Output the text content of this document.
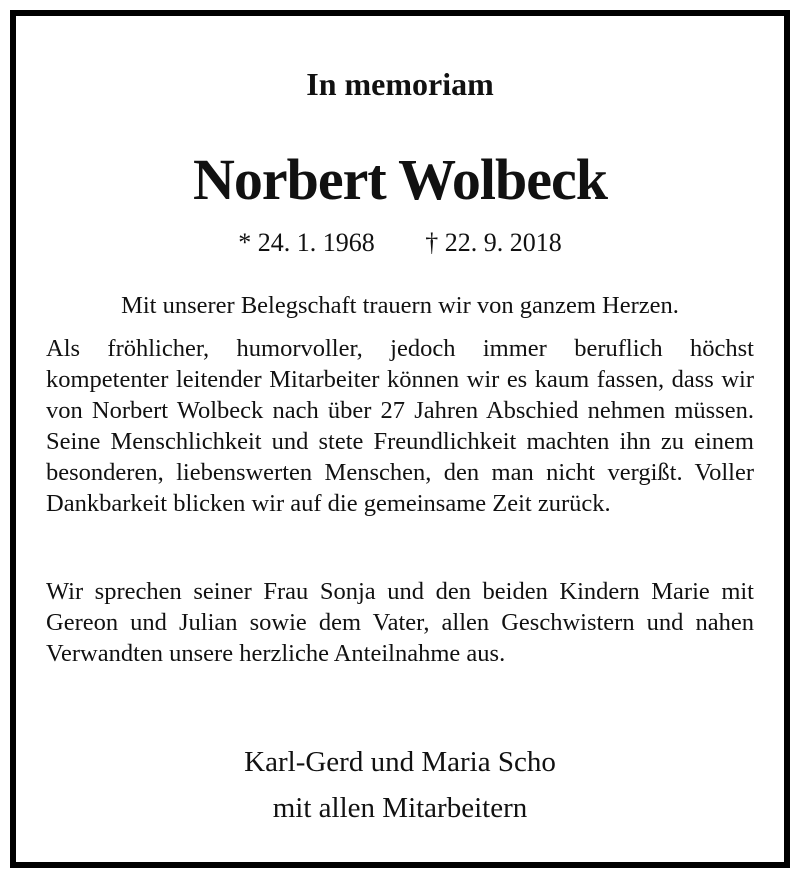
In memoriam
Norbert Wolbeck
* 24. 1. 1968 † 22. 9. 2018
Mit unserer Belegschaft trauern wir von ganzem Herzen.
Als fröhlicher, humorvoller, jedoch immer beruflich höchst kompetenter leitender Mitarbeiter können wir es kaum fassen, dass wir von Norbert Wolbeck nach über 27 Jahren Abschied nehmen müssen. Seine Menschlichkeit und stete Freundlichkeit machten ihn zu einem besonderen, liebenswerten Menschen, den man nicht vergißt. Voller Dankbarkeit blicken wir auf die gemeinsame Zeit zurück.
Wir sprechen seiner Frau Sonja und den beiden Kindern Marie mit Gereon und Julian sowie dem Vater, allen Geschwistern und nahen Verwandten unsere herzliche Anteilnahme aus.
Karl-Gerd und Maria Scho
mit allen Mitarbeitern
